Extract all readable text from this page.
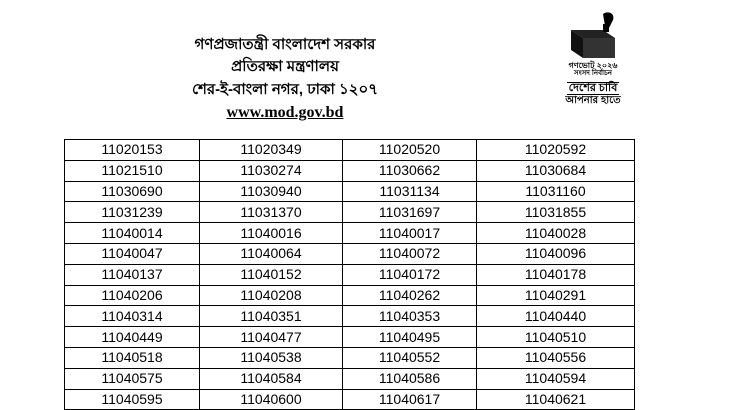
গণপ্রজাতন্ত্রী বাংলাদেশ সরকার
প্রতিরক্ষা মন্ত্রণালয়
শের-ই-বাংলা নগর, ঢাকা ১২০৭
www.mod.gov.bd
গণভোট ২০২৬
সংসদ নির্বাচন
দেশের চাবি
আপনার হাতে
11020153	11020349	11020520	11020592
11021510	11030274	11030662	11030684
11030690	11030940	11031134	11031160
11031239	11031370	11031697	11031855
11040014	11040016	11040017	11040028
11040047	11040064	11040072	11040096
11040137	11040152	11040172	11040178
11040206	11040208	11040262	11040291
11040314	11040351	11040353	11040440
11040449	11040477	11040495	11040510
11040518	11040538	11040552	11040556
11040575	11040584	11040586	11040594
11040595	11040600	11040617	11040621
